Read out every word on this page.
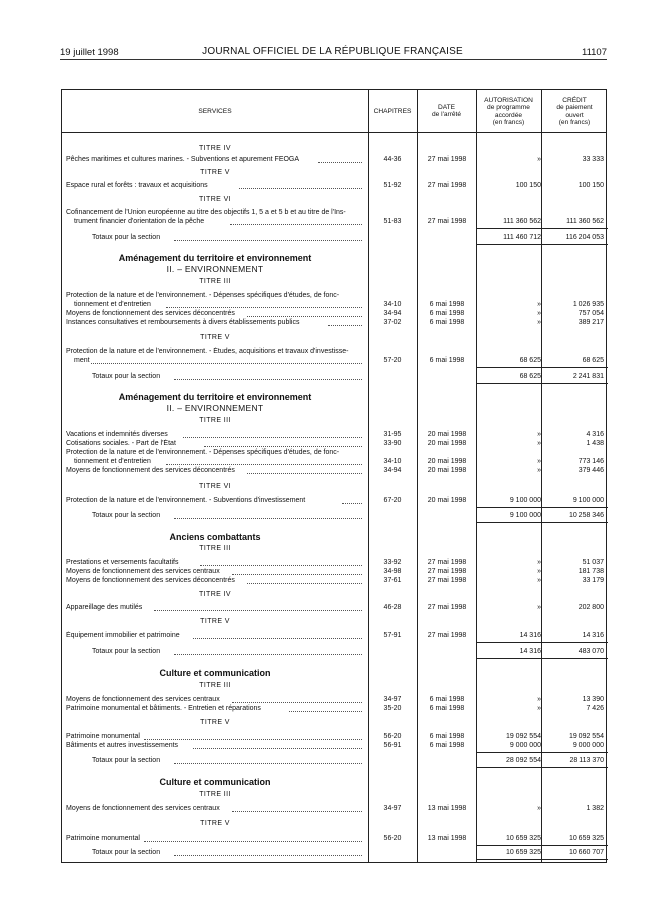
19 juillet 1998	JOURNAL OFFICIEL DE LA RÉPUBLIQUE FRANÇAISE	11107
SERVICES	CHAPITRES
DATE
de l'arrêté
AUTORISATION
de programme
accordée
(en francs)
CRÉDIT
de paiement
ouvert
(en francs)
TITRE IV
Pêches maritimes et cultures marines. - Subventions et apurement FEOGA	44-36	27 mai 1998	»	33 333
TITRE V
Espace rural et forêts : travaux et acquisitions	51-92	27 mai 1998	100 150	100 150
TITRE VI
Cofinancement de l'Union européenne au titre des objectifs 1, 5 a et 5 b et au titre de l'Ins-
trument financier d'orientation de la pêche	51-83	27 mai 1998	111 360 562	111 360 562
Totaux pour la section	111 460 712	116 204 053
Aménagement du territoire et environnement
II. – ENVIRONNEMENT
TITRE III
Protection de la nature et de l'environnement. - Dépenses spécifiques d'études, de fonc-
tionnement et d'entretien	34-10	6 mai 1998	»	1 026 935
Moyens de fonctionnement des services déconcentrés	34-94	6 mai 1998	»	757 054
Instances consultatives et remboursements à divers établissements publics	37-02	6 mai 1998	»	389 217
TITRE V
Protection de la nature et de l'environnement. - Études, acquisitions et travaux d'investisse-
ment	57-20	6 mai 1998	68 625	68 625
Totaux pour la section	68 625	2 241 831
Aménagement du territoire et environnement
II. – ENVIRONNEMENT
TITRE III
Vacations et indemnités diverses	31-95	20 mai 1998	»	4 316
Cotisations sociales. - Part de l'État	33-90	20 mai 1998	»	1 438
Protection de la nature et de l'environnement. - Dépenses spécifiques d'études, de fonc-
tionnement et d'entretien	34-10	20 mai 1998	»	773 146
Moyens de fonctionnement des services déconcentrés	34-94	20 mai 1998	»	379 446
TITRE VI
Protection de la nature et de l'environnement. - Subventions d'investissement	67-20	20 mai 1998	9 100 000	9 100 000
Totaux pour la section	9 100 000	10 258 346
Anciens combattants
TITRE III
Prestations et versements facultatifs	33-92	27 mai 1998	»	51 037
Moyens de fonctionnement des services centraux	34-98	27 mai 1998	»	181 738
Moyens de fonctionnement des services déconcentrés	37-61	27 mai 1998	»	33 179
TITRE IV
Appareillage des mutilés	46-28	27 mai 1998	»	202 800
TITRE V
Équipement immobilier et patrimoine	57-91	27 mai 1998	14 316	14 316
Totaux pour la section	14 316	483 070
Culture et communication
TITRE III
Moyens de fonctionnement des services centraux	34-97	6 mai 1998	»	13 390
Patrimoine monumental et bâtiments. - Entretien et réparations	35-20	6 mai 1998	»	7 426
TITRE V
Patrimoine monumental	56-20	6 mai 1998	19 092 554	19 092 554
Bâtiments et autres investissements	56-91	6 mai 1998	9 000 000	9 000 000
Totaux pour la section	28 092 554	28 113 370
Culture et communication
TITRE III
Moyens de fonctionnement des services centraux	34-97	13 mai 1998	»	1 382
TITRE V
Patrimoine monumental	56-20	13 mai 1998	10 659 325	10 659 325
Totaux pour la section	10 659 325	10 660 707
